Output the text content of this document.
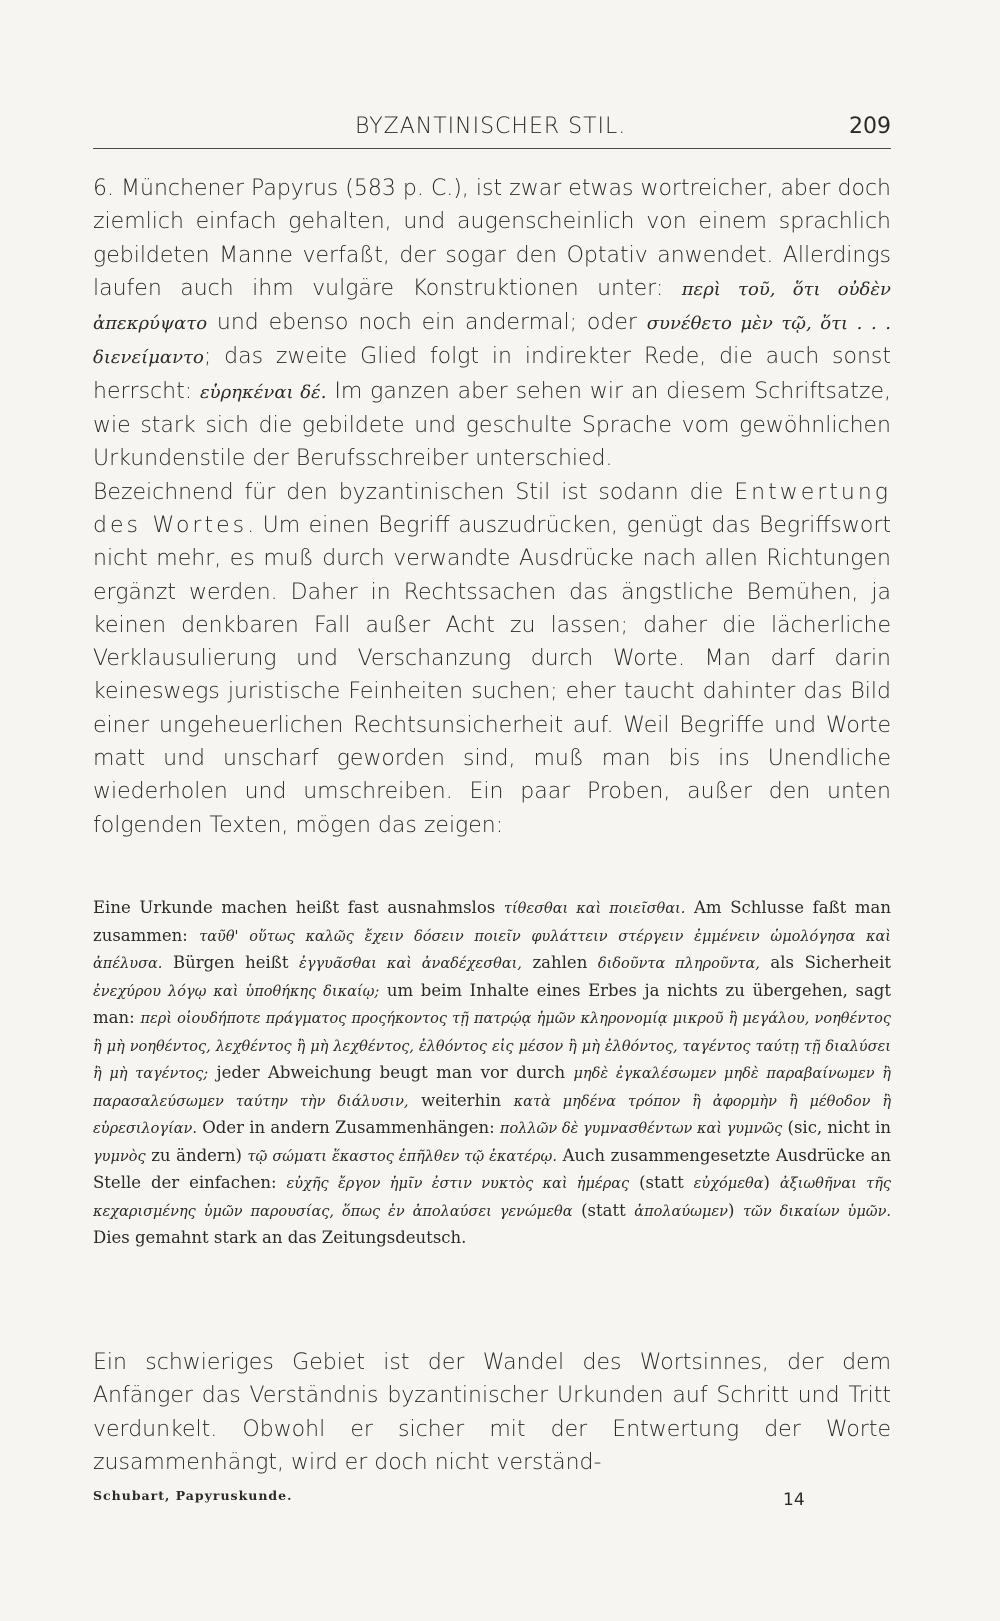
BYZANTINISCHER STIL.	209

6. Münchener Papyrus (583 p. C.), ist zwar etwas wortreicher, aber doch ziemlich einfach gehalten, und augenscheinlich von einem sprachlich gebildeten Manne verfaßt, der sogar den Optativ anwendet. Allerdings laufen auch ihm vulgäre Konstruktionen unter: περὶ τοῦ, ὅτι οὐδὲν ἀπεκρύψατο und ebenso noch ein andermal; oder συνέθετο μὲν τῷ, ὅτι . . . διενείμαντο; das zweite Glied folgt in indirekter Rede, die auch sonst herrscht: εὑρηκέναι δέ. Im ganzen aber sehen wir an diesem Schriftsatze, wie stark sich die gebildete und geschulte Sprache vom gewöhnlichen Urkundenstile der Berufsschreiber unterschied.

Bezeichnend für den byzantinischen Stil ist sodann die Entwertung des Wortes. Um einen Begriff auszudrücken, genügt das Begriffswort nicht mehr, es muß durch verwandte Ausdrücke nach allen Richtungen ergänzt werden. Daher in Rechtssachen das ängstliche Bemühen, ja keinen denkbaren Fall außer Acht zu lassen; daher die lächerliche Verklausulierung und Verschanzung durch Worte. Man darf darin keineswegs juristische Feinheiten suchen; eher taucht dahinter das Bild einer ungeheuerlichen Rechtsunsicherheit auf. Weil Begriffe und Worte matt und unscharf geworden sind, muß man bis ins Unendliche wiederholen und umschreiben. Ein paar Proben, außer den unten folgenden Texten, mögen das zeigen:

Eine Urkunde machen heißt fast ausnahmslos τίθεσθαι καὶ ποιεῖσθαι. Am Schlusse faßt man zusammen: ταῦθ' οὕτως καλῶς ἔχειν δόσειν ποιεῖν φυλάττειν στέργειν ἐμμένειν ὡμολόγησα καὶ ἀπέλυσα. Bürgen heißt ἐγγυᾶσθαι καὶ ἀναδέχεσθαι, zahlen διδοῦντα πληροῦντα, als Sicherheit ἐνεχύρου λόγῳ καὶ ὑποθήκης δικαίῳ; um beim Inhalte eines Erbes ja nichts zu übergehen, sagt man: περὶ οἱουδήποτε πράγματος προςήκοντος τῇ πατρῴᾳ ἡμῶν κληρονομίᾳ μικροῦ ἢ μεγάλου, νοηθέντος ἢ μὴ νοηθέντος, λεχθέντος ἢ μὴ λεχθέντος, ἐλθόντος εἰς μέσον ἢ μὴ ἐλθόντος, ταγέντος ταύτῃ τῇ διαλύσει ἢ μὴ ταγέντος; jeder Abweichung beugt man vor durch μηδὲ ἐγκαλέσωμεν μηδὲ παραβαίνωμεν ἢ παρασαλεύσωμεν ταύτην τὴν διάλυσιν, weiterhin κατὰ μηδένα τρόπον ἢ ἀφορμὴν ἢ μέθοδον ἢ εὑρεσιλογίαν. Oder in andern Zusammenhängen: πολλῶν δὲ γυμνασθέντων καὶ γυμνῶς (sic, nicht in γυμνὸς zu ändern) τῷ σώματι ἕκαστος ἐπῆλθεν τῷ ἑκατέρῳ. Auch zusammengesetzte Ausdrücke an Stelle der einfachen: εὐχῆς ἔργον ἡμῖν ἐστιν νυκτὸς καὶ ἡμέρας (statt εὐχόμεθα) ἀξιωθῆναι τῆς κεχαρισμένης ὑμῶν παρουσίας, ὅπως ἐν ἀπολαύσει γενώμεθα (statt ἀπολαύωμεν) τῶν δικαίων ὑμῶν. Dies gemahnt stark an das Zeitungsdeutsch.

Ein schwieriges Gebiet ist der Wandel des Wortsinnes, der dem Anfänger das Verständnis byzantinischer Urkunden auf Schritt und Tritt verdunkelt. Obwohl er sicher mit der Entwertung der Worte zusammenhängt, wird er doch nicht verständ-

Schubart, Papyruskunde.	14
